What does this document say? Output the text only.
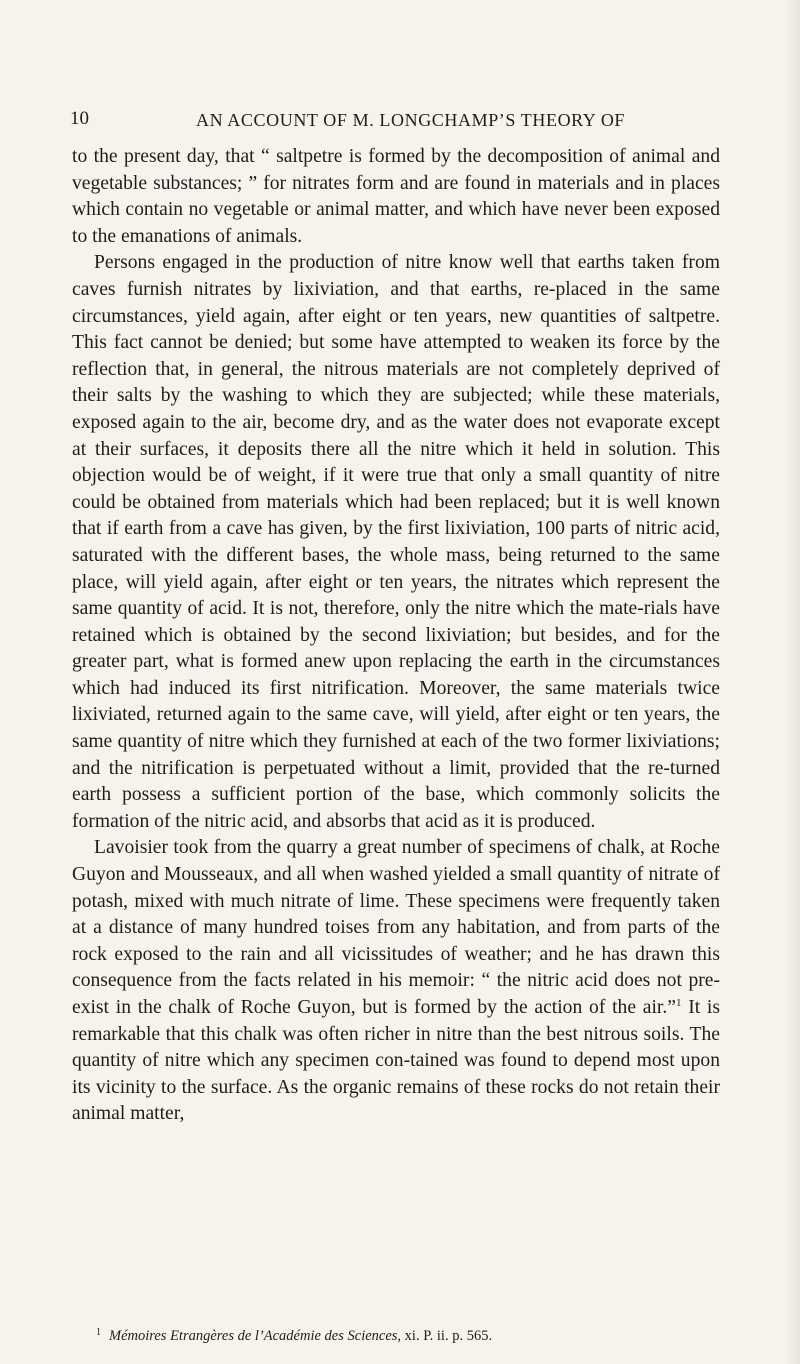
10	AN ACCOUNT OF M. LONGCHAMP’S THEORY OF

to the present day, that “ saltpetre is formed by the decomposition of animal and vegetable substances; ” for nitrates form and are found in materials and in places which contain no vegetable or animal matter, and which have never been exposed to the emanations of animals.

Persons engaged in the production of nitre know well that earths taken from caves furnish nitrates by lixiviation, and that earths, re-placed in the same circumstances, yield again, after eight or ten years, new quantities of saltpetre. This fact cannot be denied; but some have attempted to weaken its force by the reflection that, in general, the nitrous materials are not completely deprived of their salts by the washing to which they are subjected; while these materials, exposed again to the air, become dry, and as the water does not evaporate except at their surfaces, it deposits there all the nitre which it held in solution. This objection would be of weight, if it were true that only a small quantity of nitre could be obtained from materials which had been replaced; but it is well known that if earth from a cave has given, by the first lixiviation, 100 parts of nitric acid, saturated with the different bases, the whole mass, being returned to the same place, will yield again, after eight or ten years, the nitrates which represent the same quantity of acid. It is not, therefore, only the nitre which the mate-rials have retained which is obtained by the second lixiviation; but besides, and for the greater part, what is formed anew upon replacing the earth in the circumstances which had induced its first nitrification. Moreover, the same materials twice lixiviated, returned again to the same cave, will yield, after eight or ten years, the same quantity of nitre which they furnished at each of the two former lixiviations; and the nitrification is perpetuated without a limit, provided that the re-turned earth possess a sufficient portion of the base, which commonly solicits the formation of the nitric acid, and absorbs that acid as it is produced.

Lavoisier took from the quarry a great number of specimens of chalk, at Roche Guyon and Mousseaux, and all when washed yielded a small quantity of nitrate of potash, mixed with much nitrate of lime. These specimens were frequently taken at a distance of many hundred toises from any habitation, and from parts of the rock exposed to the rain and all vicissitudes of weather; and he has drawn this consequence from the facts related in his memoir: “ the nitric acid does not pre-exist in the chalk of Roche Guyon, but is formed by the action of the air.”$^1$ It is remarkable that this chalk was often richer in nitre than the best nitrous soils. The quantity of nitre which any specimen con-tained was found to depend most upon its vicinity to the surface. As the organic remains of these rocks do not retain their animal matter,

$^1$ Mémoires Etrangères de l’Académie des Sciences, xi. P. ii. p. 565.
